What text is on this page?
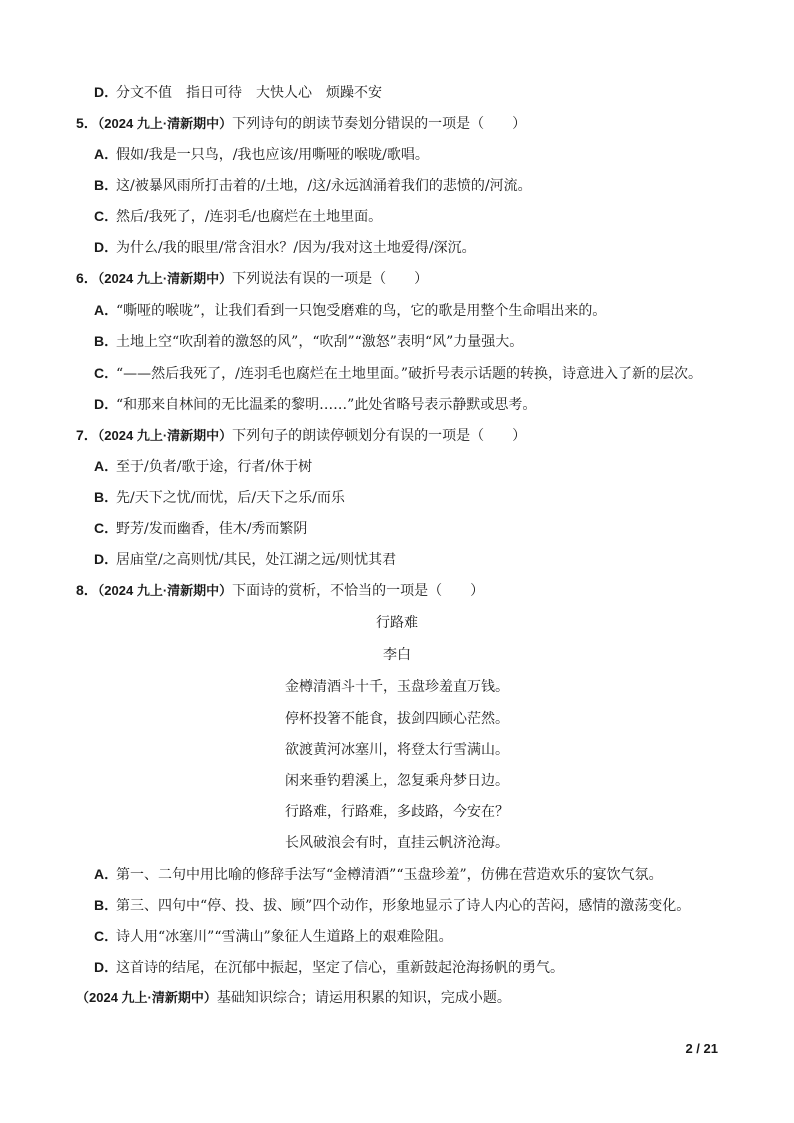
D．分文不值　指日可待　大快人心　烦躁不安
5．（2024 九上·清新期中）下列诗句的朗读节奏划分错误的一项是（　　）
A．假如/我是一只鸟，/我也应该/用嘶哑的喉咙/歌唱。
B．这/被暴风雨所打击着的/土地，/这/永远汹涌着我们的悲愤的/河流。
C．然后/我死了，/连羽毛/也腐烂在土地里面。
D．为什么/我的眼里/常含泪水？/因为/我对这土地爱得/深沉。
6．（2024 九上·清新期中）下列说法有误的一项是（　　）
A．“嘶哑的喉咙”，让我们看到一只饱受磨难的鸟，它的歌是用整个生命唱出来的。
B．土地上空“吹刮着的激怒的风”，“吹刮”“激怒”表明“风”力量强大。
C．“——然后我死了，/连羽毛也腐烂在土地里面。”破折号表示话题的转换，诗意进入了新的层次。
D．“和那来自林间的无比温柔的黎明……”此处省略号表示静默或思考。
7．（2024 九上·清新期中）下列句子的朗读停顿划分有误的一项是（　　）
A．至于/负者/歌于途，行者/休于树
B．先/天下之忧/而忧，后/天下之乐/而乐
C．野芳/发而幽香，佳木/秀而繁阴
D．居庙堂/之高则忧/其民，处江湖之远/则忧其君
8．（2024 九上·清新期中）下面诗的赏析，不恰当的一项是（　　）
行路难
李白
金樽清酒斗十千，玉盘珍羞直万钱。
停杯投箸不能食，拔剑四顾心茫然。
欲渡黄河冰塞川，将登太行雪满山。
闲来垂钓碧溪上，忽复乘舟梦日边。
行路难，行路难，多歧路，今安在？
长风破浪会有时，直挂云帆济沧海。
A．第一、二句中用比喻的修辞手法写“金樽清酒”“玉盘珍羞”，仿佛在营造欢乐的宴饮气氛。
B．第三、四句中“停、投、拔、顾”四个动作，形象地显示了诗人内心的苦闷，感情的激荡变化。
C．诗人用“冰塞川”“雪满山”象征人生道路上的艰难险阻。
D．这首诗的结尾，在沉郁中振起，坚定了信心，重新鼓起沧海扬帆的勇气。
（2024 九上·清新期中）基础知识综合；请运用积累的知识，完成小题。
2 / 21
